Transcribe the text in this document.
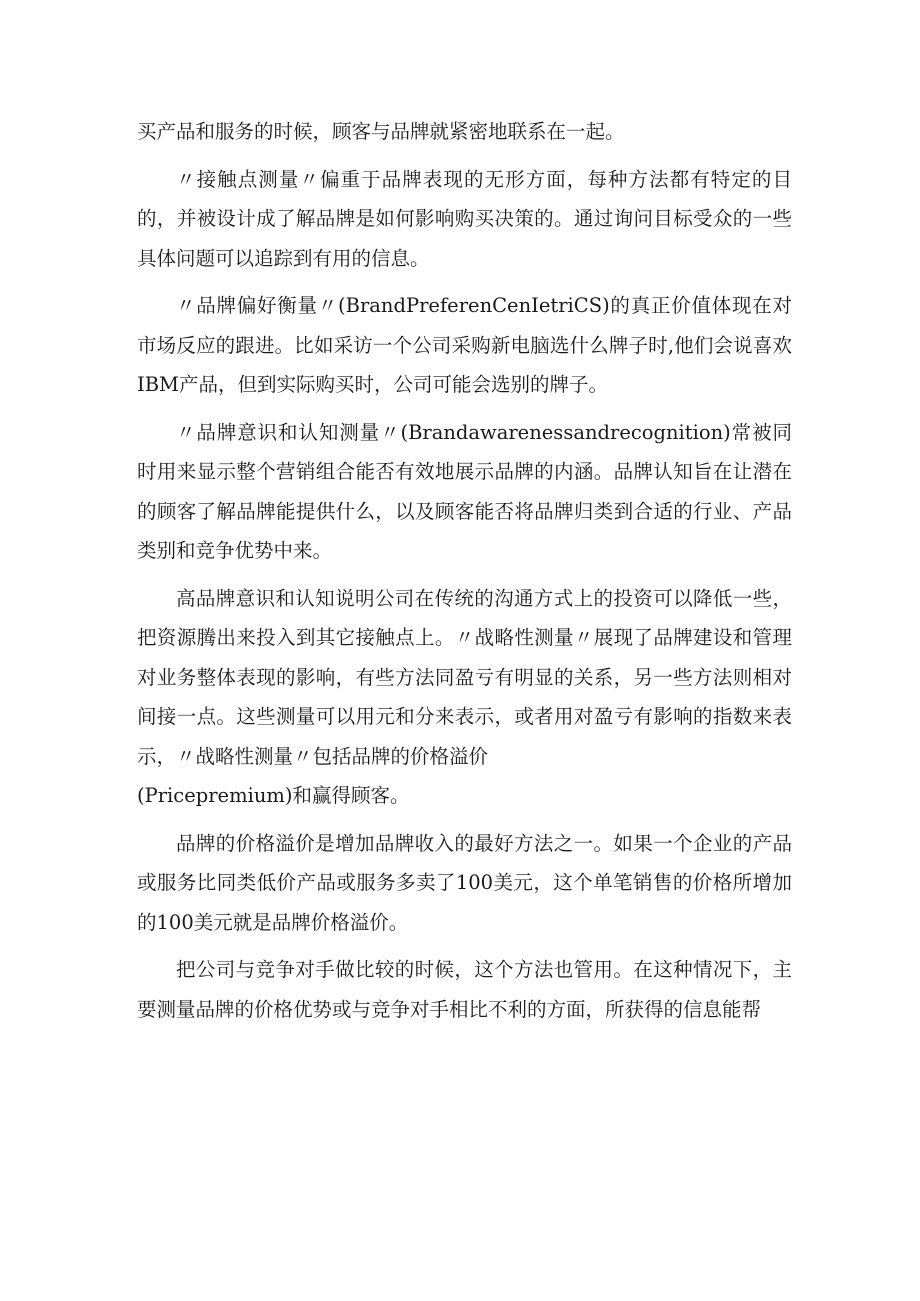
买产品和服务的时候，顾客与品牌就紧密地联系在一起。

〃接触点测量〃偏重于品牌表现的无形方面，每种方法都有特定的目的，并被设计成了解品牌是如何影响购买决策的。通过询问目标受众的一些具体问题可以追踪到有用的信息。

〃品牌偏好衡量〃(BrandPreferenCenIetriCS)的真正价值体现在对市场反应的跟进。比如采访一个公司采购新电脑选什么牌子时,他们会说喜欢IBM产品，但到实际购买时，公司可能会选别的牌子。

〃品牌意识和认知测量〃(Brandawarenessandrecognition)常被同时用来显示整个营销组合能否有效地展示品牌的内涵。品牌认知旨在让潜在的顾客了解品牌能提供什么，以及顾客能否将品牌归类到合适的行业、产品类别和竞争优势中来。

高品牌意识和认知说明公司在传统的沟通方式上的投资可以降低一些，把资源腾出来投入到其它接触点上。〃战略性测量〃展现了品牌建设和管理对业务整体表现的影响，有些方法同盈亏有明显的关系，另一些方法则相对间接一点。这些测量可以用元和分来表示，或者用对盈亏有影响的指数来表示，〃战略性测量〃包括品牌的价格溢价

(Pricepremium)和赢得顾客。

品牌的价格溢价是增加品牌收入的最好方法之一。如果一个企业的产品或服务比同类低价产品或服务多卖了100美元，这个单笔销售的价格所增加的100美元就是品牌价格溢价。

把公司与竞争对手做比较的时候，这个方法也管用。在这种情况下，主要测量品牌的价格优势或与竞争对手相比不利的方面，所获得的信息能帮
